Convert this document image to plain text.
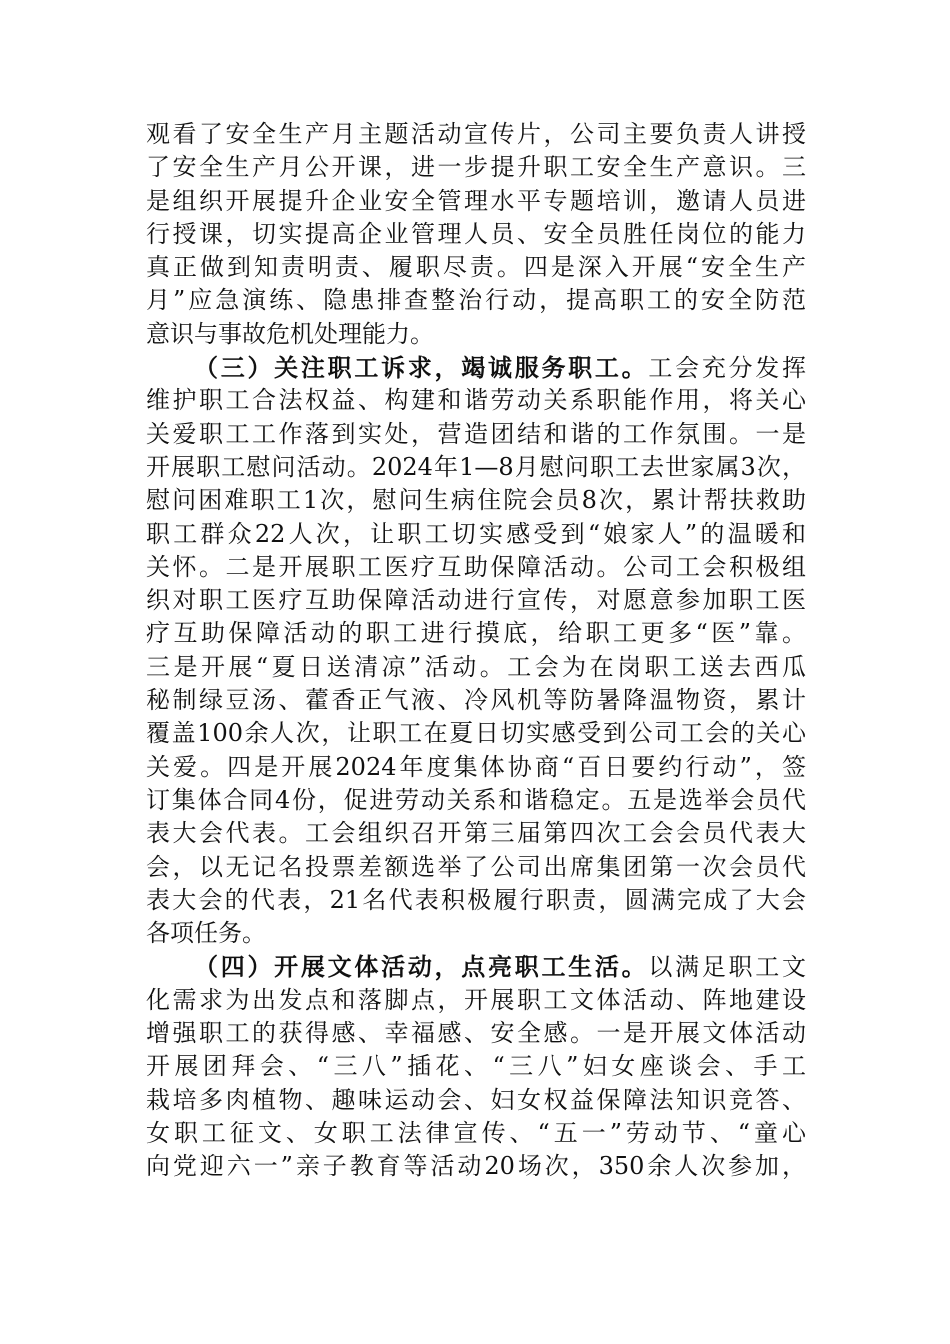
观看了安全生产月主题活动宣传片，公司主要负责人讲授
了安全生产月公开课，进一步提升职工安全生产意识。三
是组织开展提升企业安全管理水平专题培训，邀请人员进
行授课，切实提高企业管理人员、安全员胜任岗位的能力
真正做到知责明责、履职尽责。四是深入开展“安全生产
月”应急演练、隐患排查整治行动，提高职工的安全防范
意识与事故危机处理能力。
（三）关注职工诉求，竭诚服务职工。工会充分发挥
维护职工合法权益、构建和谐劳动关系职能作用，将关心
关爱职工工作落到实处，营造团结和谐的工作氛围。一是
开展职工慰问活动。2024年1—8月慰问职工去世家属3次，
慰问困难职工1次，慰问生病住院会员8次，累计帮扶救助
职工群众22人次，让职工切实感受到“娘家人”的温暖和
关怀。二是开展职工医疗互助保障活动。公司工会积极组
织对职工医疗互助保障活动进行宣传，对愿意参加职工医
疗互助保障活动的职工进行摸底，给职工更多“医”靠。
三是开展“夏日送清凉”活动。工会为在岗职工送去西瓜
秘制绿豆汤、藿香正气液、冷风机等防暑降温物资，累计
覆盖100余人次，让职工在夏日切实感受到公司工会的关心
关爱。四是开展2024年度集体协商“百日要约行动”，签
订集体合同4份，促进劳动关系和谐稳定。五是选举会员代
表大会代表。工会组织召开第三届第四次工会会员代表大
会，以无记名投票差额选举了公司出席集团第一次会员代
表大会的代表，21名代表积极履行职责，圆满完成了大会
各项任务。
（四）开展文体活动，点亮职工生活。以满足职工文
化需求为出发点和落脚点，开展职工文体活动、阵地建设
增强职工的获得感、幸福感、安全感。一是开展文体活动
开展团拜会、“三八”插花、“三八”妇女座谈会、手工
栽培多肉植物、趣味运动会、妇女权益保障法知识竞答、
女职工征文、女职工法律宣传、“五一”劳动节、“童心
向党迎六一”亲子教育等活动20场次，350余人次参加，
